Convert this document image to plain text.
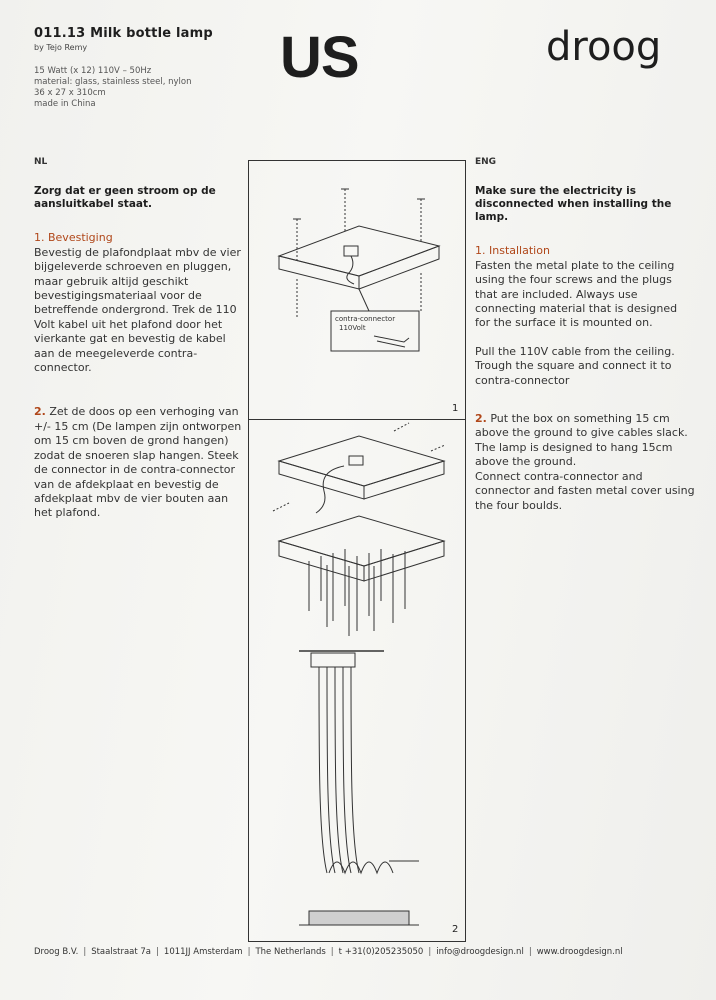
011.13 Milk bottle lamp
by Tejo Remy
15 Watt (x 12) 110V – 50Hz
material: glass, stainless steel, nylon
36 x 27 x 310cm
made in China
US	droog
NL
Zorg dat er geen stroom op de aansluitkabel staat.
1. Bevestiging
Bevestig de plafondplaat mbv de vier bijgeleverde schroeven en pluggen, maar gebruik altijd geschikt bevestigingsmateriaal voor de betreffende ondergrond. Trek de 110 Volt kabel uit het plafond door het vierkante gat en bevestig de kabel aan de meegeleverde contra-connector.
2. Zet de doos op een verhoging van +/- 15 cm (De lampen zijn ontworpen om 15 cm boven de grond hangen) zodat de snoeren slap hangen. Steek de connector in de contra-connector van de afdekplaat en bevestig de afdekplaat mbv de vier bouten aan het plafond.
ENG
Make sure the electricity is disconnected when installing the lamp.
1. Installation
Fasten the metal plate to the ceiling using the four screws and the plugs that are included. Always use connecting material that is designed for the surface it is mounted on.
Pull the 110V cable from the ceiling. Trough the square and connect it to contra-connector
2. Put the box on something 15 cm above the ground to give cables slack. The lamp is designed to hang 15cm above the ground.
Connect contra-connector and connector and fasten metal cover using the four boulds.
contra-connector
110Volt
1
2
Droog B.V. | Staalstraat 7a | 1011JJ Amsterdam | The Netherlands | t +31(0)205235050 | info@droogdesign.nl | www.droogdesign.nl
